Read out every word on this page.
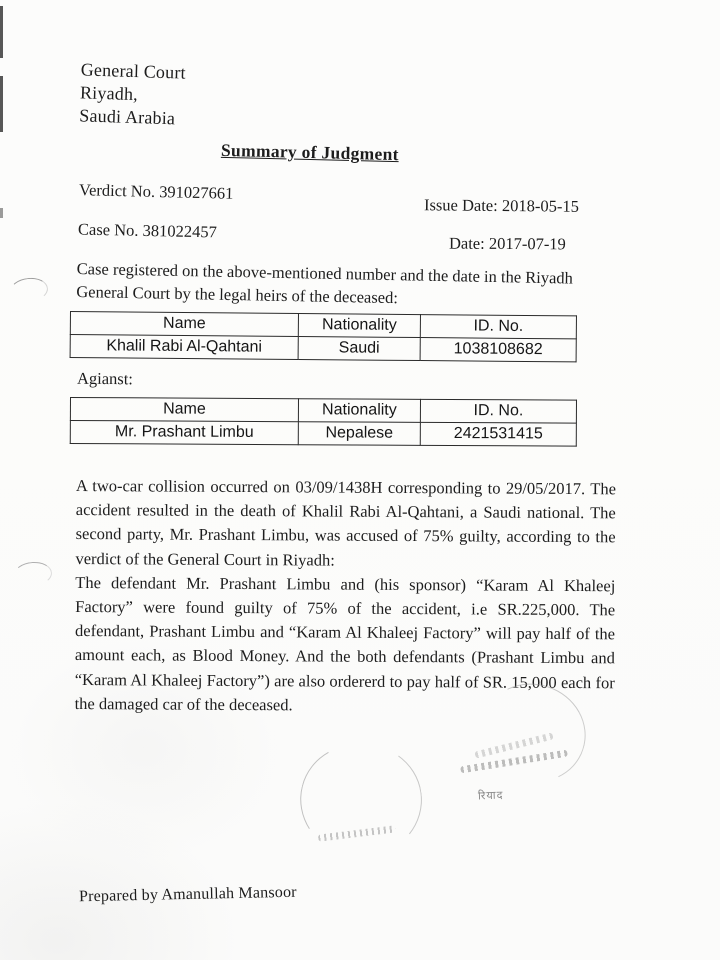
General Court
Riyadh,
Saudi Arabia
Summary of Judgment
Verdict No. 391027661
Issue Date: 2018-05-15
Case No. 381022457
Date: 2017-07-19
Case registered on the above-mentioned number and the date in the Riyadh General Court by the legal heirs of the deceased:
Name	Nationality	ID. No.
Khalil Rabi Al-Qahtani	Saudi	1038108682
Agianst:
Name	Nationality	ID. No.
Mr. Prashant Limbu	Nepalese	2421531415

A two-car collision occurred on 03/09/1438H corresponding to 29/05/2017. The accident resulted in the death of Khalil Rabi Al-Qahtani, a Saudi national. The second party, Mr. Prashant Limbu, was accused of 75% guilty, according to the verdict of the General Court in Riyadh:

The defendant Mr. Prashant Limbu and (his sponsor) “Karam Al Khaleej Factory” were found guilty of 75% of the accident, i.e SR.225,000. The defendant, Prashant Limbu and “Karam Al Khaleej Factory” will pay half of the amount each, as Blood Money. And the both defendants (Prashant Limbu and “Karam Al Khaleej Factory”) are also ordererd to pay half of SR. 15,000 each for the damaged car of the deceased.

रियाद
Prepared by Amanullah Mansoor
